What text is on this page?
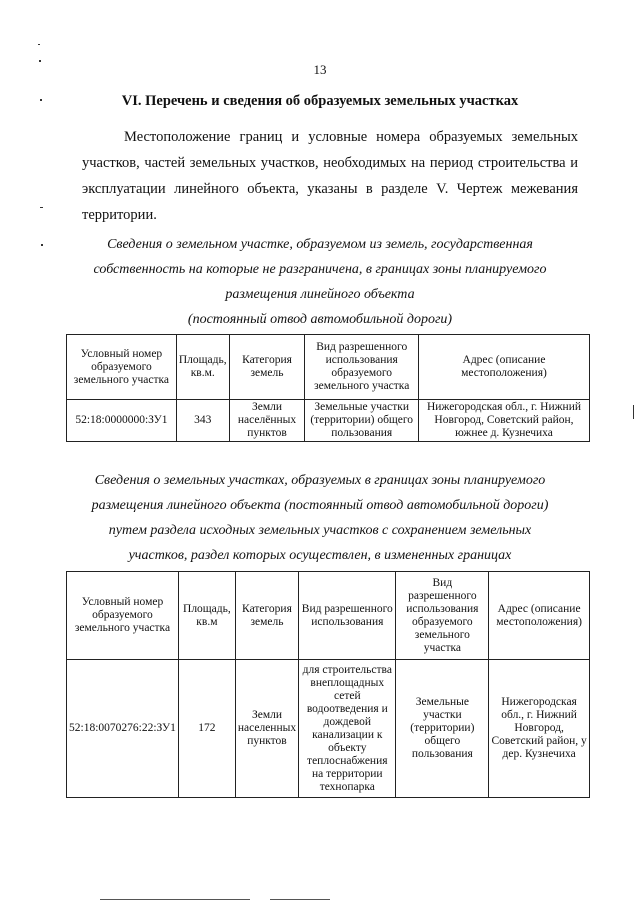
13
VI. Перечень и сведения об образуемых земельных участках

Местоположение границ и условные номера образуемых земельных участков, частей земельных участков, необходимых на период строительства и эксплуатации линейного объекта, указаны в разделе V. Чертеж межевания территории.

Сведения о земельном участке, образуемом из земель, государственная
собственность на которые не разграничена, в границах зоны планируемого
размещения линейного объекта
(постоянный отвод автомобильной дороги)

Условный номер образуемого земельного участка	Площадь, кв.м.	Категория земель	Вид разрешенного использования образуемого земельного участка	Адрес (описание местоположения)
52:18:0000000:ЗУ1	343	Земли населённых пунктов	Земельные участки (территории) общего пользования	Нижегородская обл., г. Нижний Новгород, Советский район, южнее д. Кузнечиха

Сведения о земельных участках, образуемых в границах зоны планируемого
размещения линейного объекта (постоянный отвод автомобильной дороги)
путем раздела исходных земельных участков с сохранением земельных
участков, раздел которых осуществлен, в измененных границах

Условный номер образуемого земельного участка	Площадь, кв.м	Категория земель	Вид разрешенного использования	Вид разрешенного использования образуемого земельного участка	Адрес (описание местоположения)
52:18:0070276:22:ЗУ1	172	Земли населенных пунктов	для строительства внеплощадных сетей водоотведения и дождевой канализации к объекту теплоснабжения на территории технопарка	Земельные участки (территории) общего пользования	Нижегородская обл., г. Нижний Новгород, Советский район, у дер. Кузнечиха
